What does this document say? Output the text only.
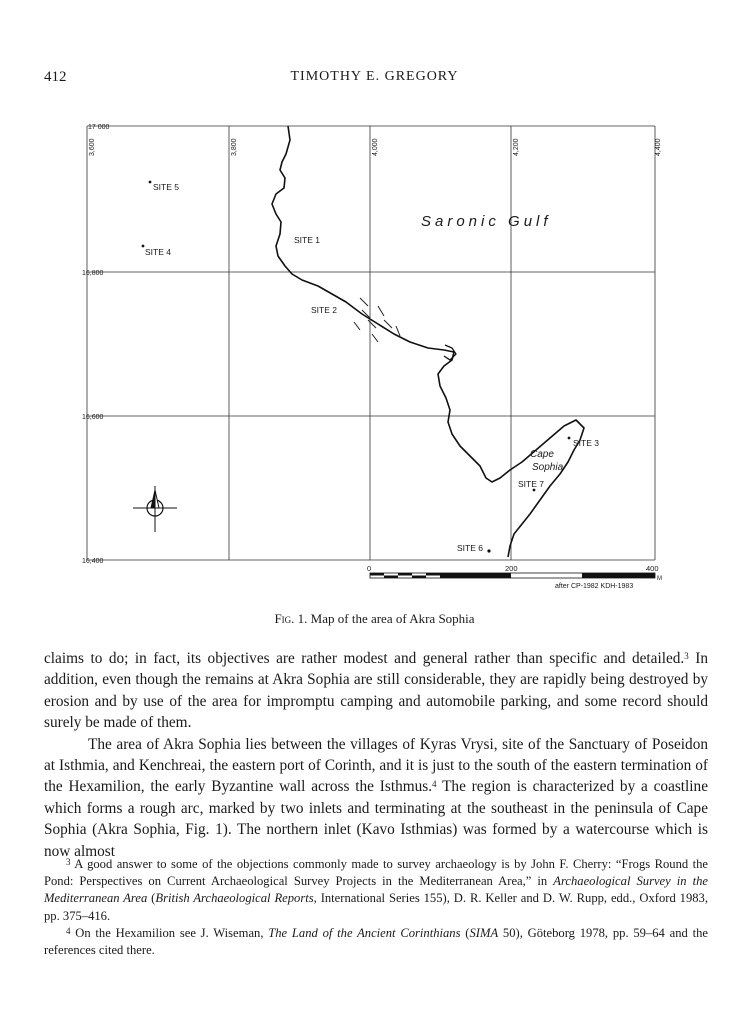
412	TIMOTHY E. GREGORY
17 000
16,800
16,600
16,400
3,600	3,800	4,000	4,200	4,400
SITE 5
SITE 4
SITE 1
SITE 2
SITE 3
SITE 7
SITE 6
Saronic Gulf
Cape
Sophia
0	200	400
M
after CP-1982 KDH-1983
Fig. 1. Map of the area of Akra Sophia

claims to do; in fact, its objectives are rather modest and general rather than specific and detailed.$^3$ In addition, even though the remains at Akra Sophia are still considerable, they are rapidly being destroyed by erosion and by use of the area for impromptu camping and automobile parking, and some record should surely be made of them.

The area of Akra Sophia lies between the villages of Kyras Vrysi, site of the Sanctuary of Poseidon at Isthmia, and Kenchreai, the eastern port of Corinth, and it is just to the south of the eastern termination of the Hexamilion, the early Byzantine wall across the Isthmus.$^4$ The region is characterized by a coastline which forms a rough arc, marked by two inlets and terminating at the southeast in the peninsula of Cape Sophia (Akra Sophia, Fig. 1). The northern inlet (Kavo Isthmias) was formed by a watercourse which is now almost

$^3$ A good answer to some of the objections commonly made to survey archaeology is by John F. Cherry: “Frogs Round the Pond: Perspectives on Current Archaeological Survey Projects in the Mediterranean Area,” in Archaeological Survey in the Mediterranean Area (British Archaeological Reports, International Series 155), D. R. Keller and D. W. Rupp, edd., Oxford 1983, pp. 375–416.

$^4$ On the Hexamilion see J. Wiseman, The Land of the Ancient Corinthians (SIMA 50), Göteborg 1978, pp. 59–64 and the references cited there.
